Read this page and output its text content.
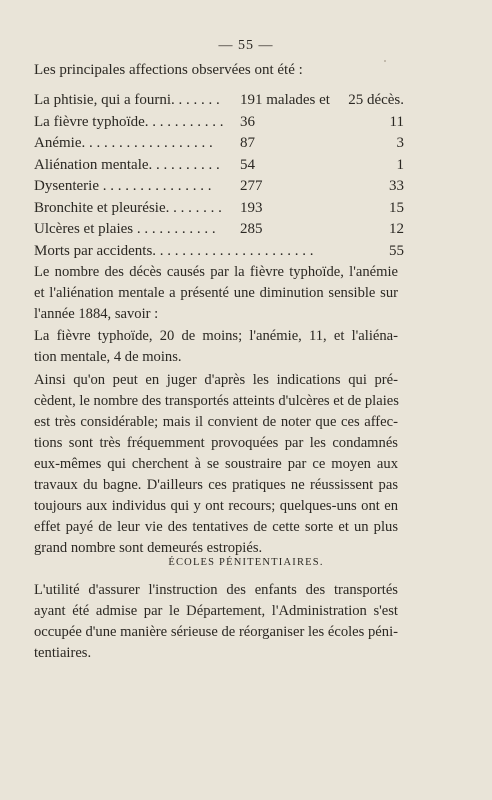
— 55 —
Les principales affections observées ont été :
La phtisie, qui a fourni. . . . . . . 191 malades et 25 décès.
La fièvre typhoïde. . . . . . . . . . . 36	11
Anémie. . . . . . . . . . . . . . . . . . 87	3
Aliénation mentale. . . . . . . . . . 54	1
Dysenterie . . . . . . . . . . . . . . . 277	33
Bronchite et pleurésie. . . . . . . . 193	15
Ulcères et plaies . . . . . . . . . . . 285	12
Morts par accidents. . . . . . . . . . . . . . . . . . . . . .	55
Le nombre des décès causés par la fièvre typhoïde, l'anémie
et l'aliénation mentale a présenté une diminution sensible sur
l'année 1884, savoir :
La fièvre typhoïde, 20 de moins; l'anémie, 11, et l'aliéna-
tion mentale, 4 de moins.
Ainsi qu'on peut en juger d'après les indications qui pré-
cèdent, le nombre des transportés atteints d'ulcères et de plaies
est très considérable; mais il convient de noter que ces affec-
tions sont très fréquemment provoquées par les condamnés
eux-mêmes qui cherchent à se soustraire par ce moyen aux
travaux du bagne. D'ailleurs ces pratiques ne réussissent pas
toujours aux individus qui y ont recours; quelques-uns ont en
effet payé de leur vie des tentatives de cette sorte et un plus
grand nombre sont demeurés estropiés.
ÉCOLES PÉNITENTIAIRES.
L'utilité d'assurer l'instruction des enfants des transportés
ayant été admise par le Département, l'Administration s'est
occupée d'une manière sérieuse de réorganiser les écoles péni-
tentiaires.
